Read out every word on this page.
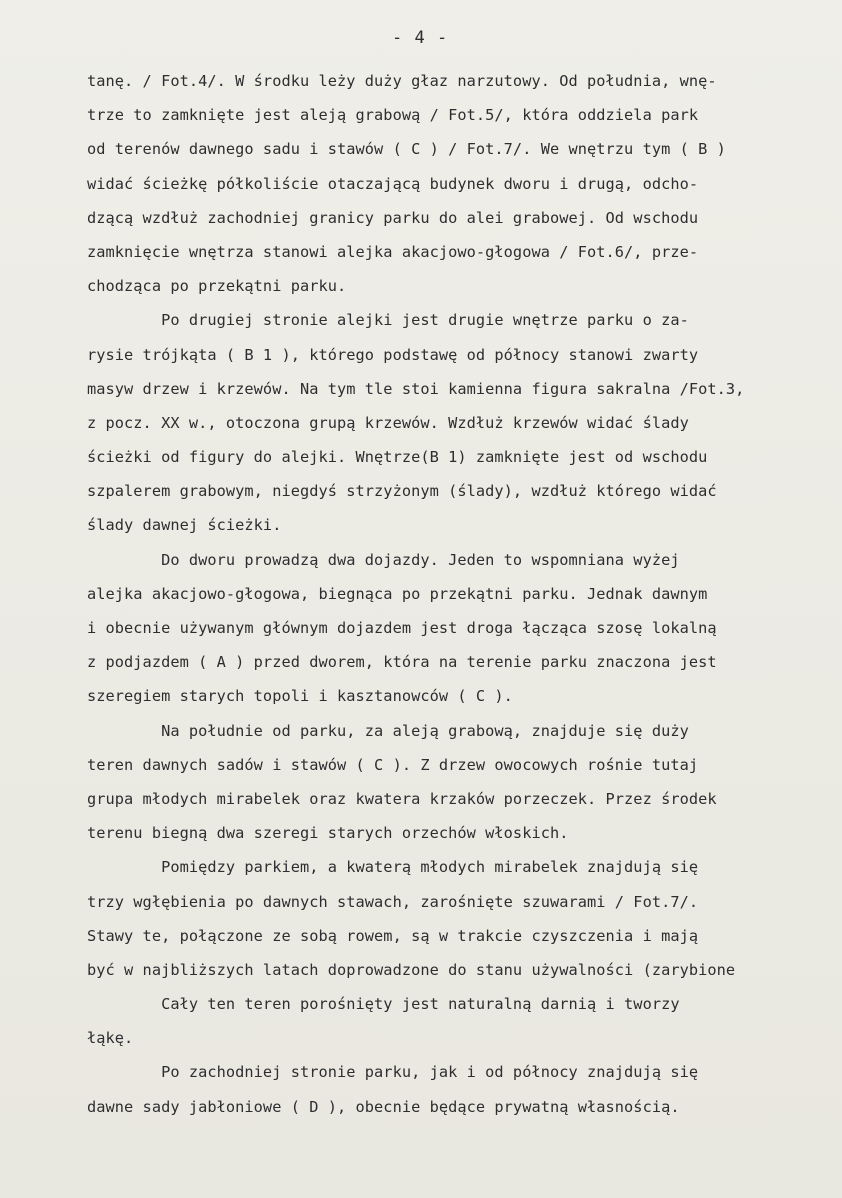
- 4 -
tanę. / Fot.4/. W środku leży duży głaz narzutowy. Od południa, wnę-
trze to zamknięte jest aleją grabową / Fot.5/, która oddziela park
od terenów dawnego sadu i stawów ( C ) / Fot.7/. We wnętrzu tym ( B )
widać ścieżkę półkoliście otaczającą budynek dworu i drugą, odcho-
dzącą wzdłuż zachodniej granicy parku do alei grabowej. Od wschodu
zamknięcie wnętrza stanowi alejka akacjowo-głogowa / Fot.6/, prze-
chodząca po przekątni parku.
Po drugiej stronie alejki jest drugie wnętrze parku o za-
rysie trójkąta ( B 1 ), którego podstawę od północy stanowi zwarty
masyw drzew i krzewów. Na tym tle stoi kamienna figura sakralna /Fot.3,
z pocz. XX w., otoczona grupą krzewów. Wzdłuż krzewów widać ślady
ścieżki od figury do alejki. Wnętrze(B 1) zamknięte jest od wschodu
szpalerem grabowym, niegdyś strzyżonym (ślady), wzdłuż którego widać
ślady dawnej ścieżki.
Do dworu prowadzą dwa dojazdy. Jeden to wspomniana wyżej
alejka akacjowo-głogowa, biegnąca po przekątni parku. Jednak dawnym
i obecnie używanym głównym dojazdem jest droga łącząca szosę lokalną
z podjazdem ( A ) przed dworem, która na terenie parku znaczona jest
szeregiem starych topoli i kasztanowców ( C ).
Na południe od parku, za aleją grabową, znajduje się duży
teren dawnych sadów i stawów ( C ). Z drzew owocowych rośnie tutaj
grupa młodych mirabelek oraz kwatera krzaków porzeczek. Przez środek
terenu biegną dwa szeregi starych orzechów włoskich.
Pomiędzy parkiem, a kwaterą młodych mirabelek znajdują się
trzy wgłębienia po dawnych stawach, zarośnięte szuwarami / Fot.7/.
Stawy te, połączone ze sobą rowem, są w trakcie czyszczenia i mają
być w najbliższych latach doprowadzone do stanu używalności (zarybione
Cały ten teren porośnięty jest naturalną darnią i tworzy
łąkę.
Po zachodniej stronie parku, jak i od północy znajdują się
dawne sady jabłoniowe ( D ), obecnie będące prywatną własnością.
